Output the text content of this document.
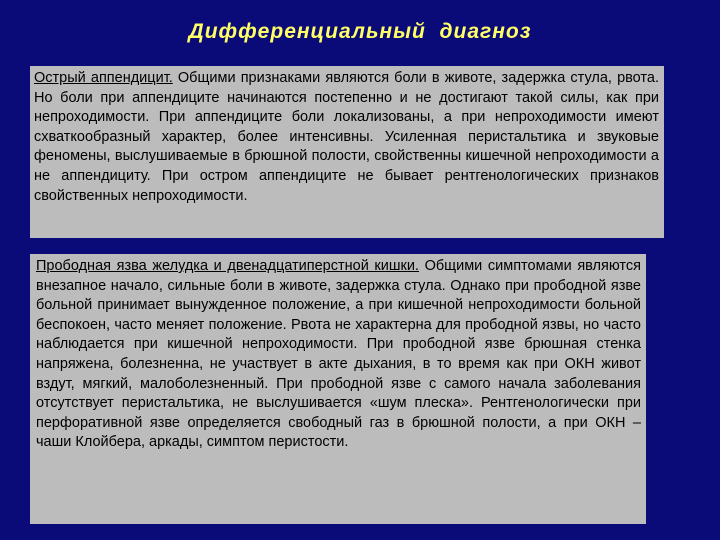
Дифференциальный  диагноз
Острый аппендицит. Общими признаками являются боли в животе, задержка стула, рвота. Но боли при аппендиците начинаются постепенно и не достигают такой силы, как при непроходимости. При аппендиците боли локализованы, а при непроходимости имеют схваткообразный характер, более интенсивны. Усиленная перистальтика и звуковые феномены, выслушиваемые в брюшной полости, свойственны кишечной непроходимости а не аппендициту. При остром аппендиците не бывает рентгенологических признаков свойственных непроходимости.
Прободная язва желудка и двенадцатиперстной кишки. Общими симптомами являются внезапное начало, сильные боли в животе, задержка стула. Однако при прободной язве больной принимает вынужденное положение, а при кишечной непроходимости больной беспокоен, часто меняет положение. Рвота не характерна для прободной язвы, но часто наблюдается при кишечной непроходимости. При прободной язве брюшная стенка напряжена, болезненна, не участвует в акте дыхания, в то время как при ОКН живот вздут, мягкий, малоболезненный. При прободной язве с самого начала заболевания отсутствует перистальтика, не выслушивается «шум плеска». Рентгенологически при перфоративной язве определяется свободный газ в брюшной полости, а при ОКН – чаши Клойбера, аркады, симптом перистости.
